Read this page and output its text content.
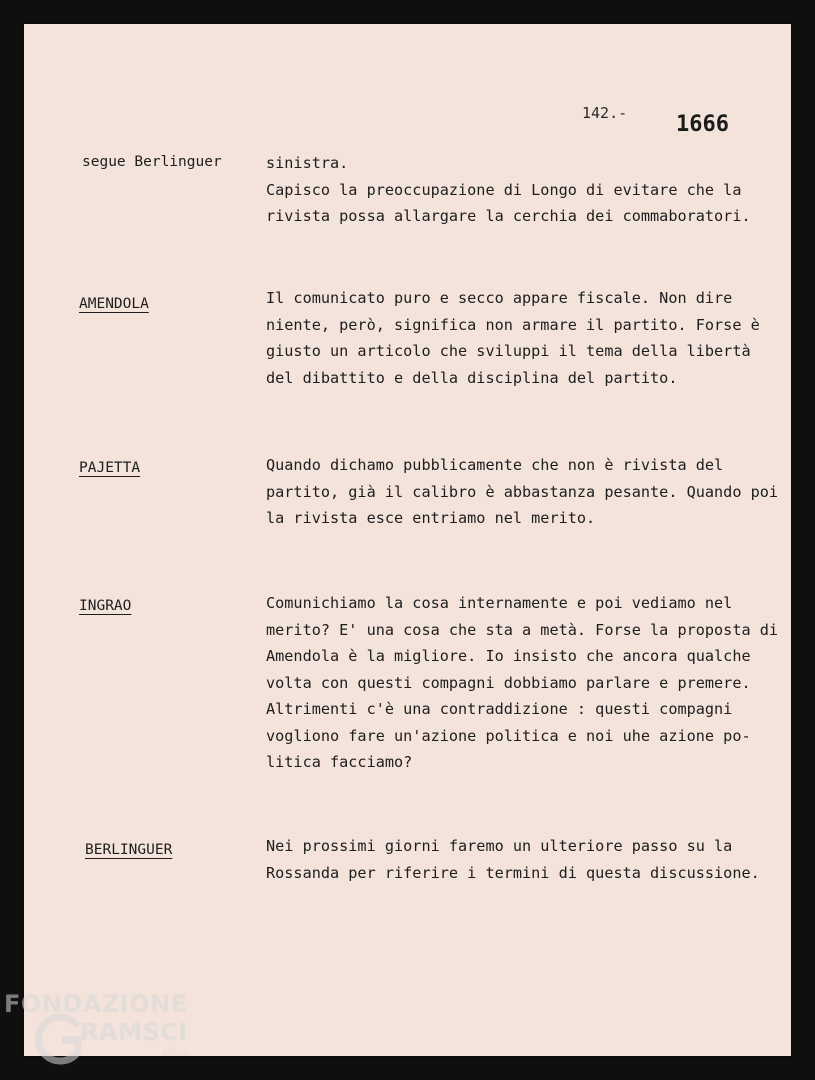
142.- 1666
segue Berlinguer	sinistra.
Capisco la preoccupazione di Longo di evitare che la
rivista possa allargare la cerchia dei commaboratori.
AMENDOLA	Il comunicato puro e secco appare fiscale. Non dire
niente, però, significa non armare il partito. Forse è
giusto un articolo che sviluppi il tema della libertà
del dibattito e della disciplina del partito.
PAJETTA	Quando dichamo pubblicamente che non è rivista del
partito, già il calibro è abbastanza pesante. Quando poi
la rivista esce entriamo nel merito.
INGRAO	Comunichiamo la cosa internamente e poi vediamo nel
merito? E' una cosa che sta a metà. Forse la proposta di
Amendola è la migliore. Io insisto che ancora qualche
volta con questi compagni dobbiamo parlare e premere.
Altrimenti c'è una contraddizione : questi compagni
vogliono fare un'azione politica e noi uhe azione po-
litica facciamo?
BERLINGUER	Nei prossimi giorni faremo un ulteriore passo su la
Rossanda per riferire i termini di questa discussione.
FONDAZIONE
RAMSCI
onlus
